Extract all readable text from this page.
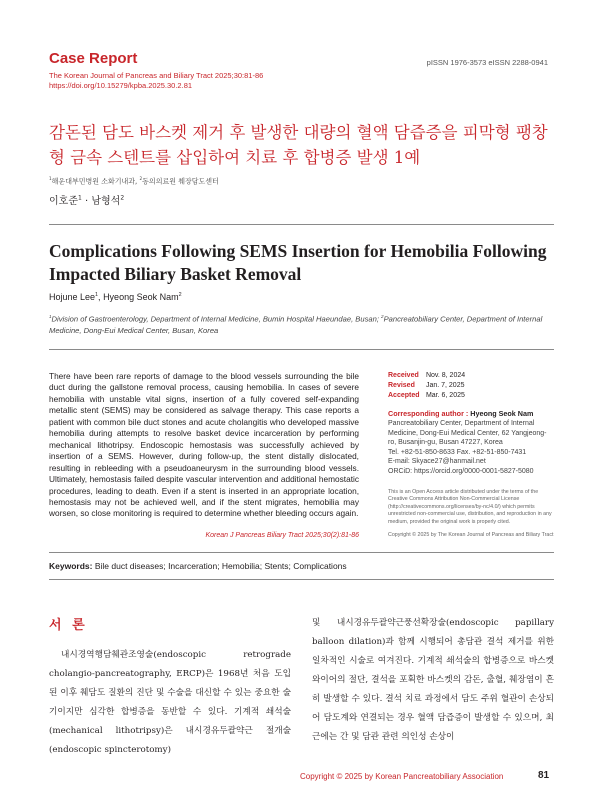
Case Report
The Korean Journal of Pancreas and Biliary Tract 2025;30:81-86
https://doi.org/10.15279/kpba.2025.30.2.81
pISSN 1976-3573 eISSN 2288-0941
감돈된 담도 바스켓 제거 후 발생한 대량의 혈액 담즙증을 피막형 팽창형 금속 스텐트를 삽입하여 치료 후 합병증 발생 1예
$^1$해운대부민병원 소화기내과, $^2$동의의료원 췌장담도센터
이호준$^1$ · 남형석$^2$
Complications Following SEMS Insertion for Hemobilia Following Impacted Biliary Basket Removal
Hojune Lee$^1$, Hyeong Seok Nam$^2$
$^1$Division of Gastroenterology, Department of Internal Medicine, Bumin Hospital Haeundae, Busan; $^2$Pancreatobiliary Center, Department of Internal Medicine, Dong-Eui Medical Center, Busan, Korea
There have been rare reports of damage to the blood vessels surrounding the bile duct during the gallstone removal process, causing hemobilia. In cases of severe hemobilia with unstable vital signs, insertion of a fully covered self-expanding metallic stent (SEMS) may be considered as salvage therapy. This case reports a patient with common bile duct stones and acute cholangitis who developed massive hemobilia during attempts to resolve basket device incarceration by performing mechanical lithotripsy. Endoscopic hemostasis was successfully achieved by insertion of a SEMS. However, during follow-up, the stent distally dislocated, resulting in rebleeding with a pseudoaneurysm in the surrounding blood vessels. Ultimately, hemostasis failed despite vascular intervention and additional hemostatic procedures, leading to death. Even if a stent is inserted in an appropriate location, hemostasis may not be achieved well, and if the stent migrates, hemobilia may worsen, so close monitoring is required to determine whether bleeding occurs again.
Korean J Pancreas Biliary Tract 2025;30(2):81-86
Received Nov. 8, 2024
Revised Jan. 7, 2025
Accepted Mar. 6, 2025
Corresponding author : Hyeong Seok Nam
Pancreatobiliary Center, Department of Internal
Medicine, Dong-Eui Medical Center, 62 Yangjeong-
ro, Busanjin-gu, Busan 47227, Korea
Tel. +82-51-850-8633 Fax. +82-51-850-7431
E-mail: Skyace27@hanmail.net
ORCiD: https://orcid.org/0000-0001-5827-5080
This is an Open Access article distributed under the terms of the Creative Commons Attribution Non-Commercial License (http://creativecommons.org/licenses/by-nc/4.0/) which permits unrestricted non-commercial use, distribution, and reproduction in any medium, provided the original work is properly cited.
Copyright © 2025 by The Korean Journal of Pancreas and Biliary Tract
Keywords: Bile duct diseases; Incarceration; Hemobilia; Stents; Complications
서 론

내시경역행담췌관조영술(endoscopic retrograde cholangio-pancreatography, ERCP)은 1968년 처음 도입된 이후 췌담도 질환의 진단 및 수술을 대신할 수 있는 중요한 술기이지만 심각한 합병증을 동반할 수 있다. 기계적 쇄석술(mechanical lithotripsy)은 내시경유두괄약근 절개술(endoscopic spincterotomy)

및 내시경유두괄약근풍선확장술(endoscopic papillary balloon dilation)과 함께 시행되어 총담관 결석 제거를 위한 일차적인 시술로 여겨진다. 기계적 쇄석술의 합병증으로 바스켓 와이어의 절단, 결석을 포획한 바스켓의 감돈, 출혈, 췌장염이 흔히 발생할 수 있다. 결석 치료 과정에서 담도 주위 혈관이 손상되어 담도계와 연결되는 경우 혈액 담즙증이 발생할 수 있으며, 최근에는 간 및 담관 관련 의인성 손상이

Copyright © 2025 by Korean Pancreatobiliary Association	81
